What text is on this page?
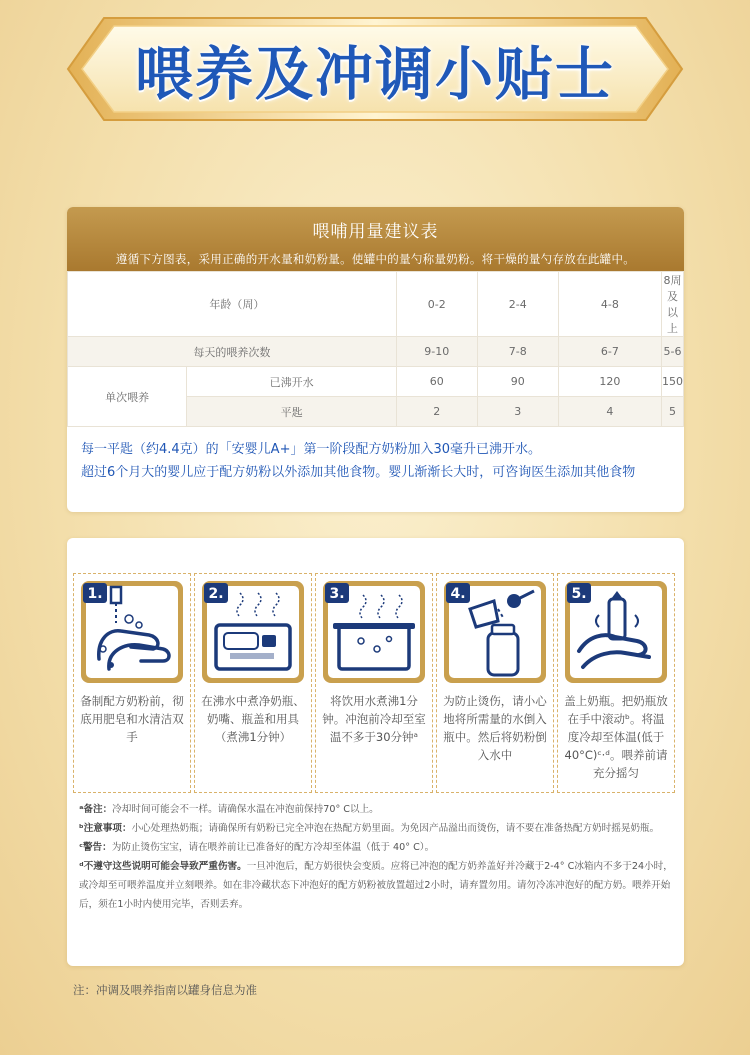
喂养及冲调小贴士
喂哺用量建议表
遵循下方图表，采用正确的开水量和奶粉量。使罐中的量勺称量奶粉。将干燥的量勺存放在此罐中。
年龄（周）		0-2	2-4	4-8	8周及以上
每天的喂养次数		9-10	7-8	6-7	5-6
单次喂养	已沸开水	60	90	120	150
	平匙	2	3	4	5

每一平匙（约4.4克）的「安婴儿A+」第一阶段配方奶粉加入30毫升已沸开水。

超过6个月大的婴儿应于配方奶粉以外添加其他食物。婴儿渐渐长大时，可咨询医生添加其他食物

1.
备制配方奶粉前，彻底用肥皂和水清洁双手
2.
在沸水中煮净奶瓶、奶嘴、瓶盖和用具（煮沸1分钟）
3.
将饮用水煮沸1分钟。冲泡前冷却至室温不多于30分钟ᵃ
4.
为防止烫伤，请小心地将所需量的水倒入瓶中。然后将奶粉倒入水中
5.
盖上奶瓶。把奶瓶放在手中滚动ᵇ。将温度冷却至体温(低于40°C)ᶜ·ᵈ。喂养前请充分摇匀

ᵃ备注：冷却时间可能会不一样。请确保水温在冲泡前保持70° C以上。

ᵇ注意事项：小心处理热奶瓶；请确保所有奶粉已完全冲泡在热配方奶里面。为免因产品溢出而烫伤，请不要在准备热配方奶时摇晃奶瓶。

ᶜ警告：为防止烫伤宝宝，请在喂养前让已准备好的配方冷却至体温（低于 40° C）。

ᵈ不遵守这些说明可能会导致严重伤害。一旦冲泡后，配方奶很快会变质。应将已冲泡的配方奶养盖好并冷藏于2-4° C冰箱内不多于24小时，或冷却至可喂养温度并立刻喂养。如在非冷藏状态下冲泡好的配方奶粉被放置超过2小时，请弃置勿用。请勿冷冻冲泡好的配方奶。喂养开始后，须在1小时内使用完毕，否则丢弃。

注：冲调及喂养指南以罐身信息为准
